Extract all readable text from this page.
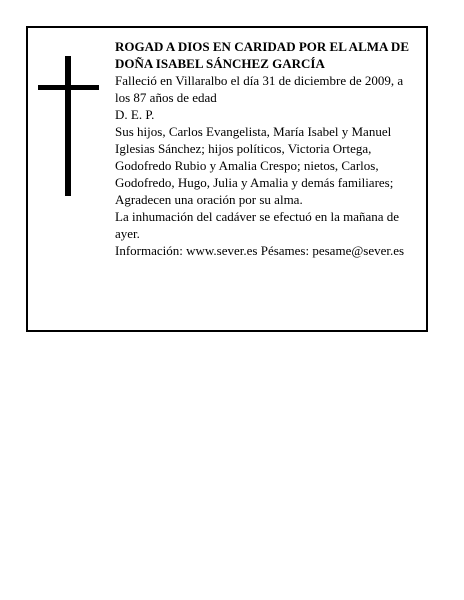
ROGAD A DIOS EN CARIDAD POR EL ALMA DE

DOÑA ISABEL SÁNCHEZ GARCÍA

Falleció en Villaralbo el día 31 de diciembre de 2009, a los 87 años de edad

D. E. P.

Sus hijos, Carlos Evangelista, María Isabel y Manuel Iglesias Sánchez; hijos políticos, Victoria Ortega, Godofredo Rubio y Amalia Crespo; nietos, Carlos, Godofredo, Hugo, Julia y Amalia y demás familiares;

Agradecen una oración por su alma.

La inhumación del cadáver se efectuó en la mañana de ayer.

Información: www.sever.es Pésames: pesame@sever.es
